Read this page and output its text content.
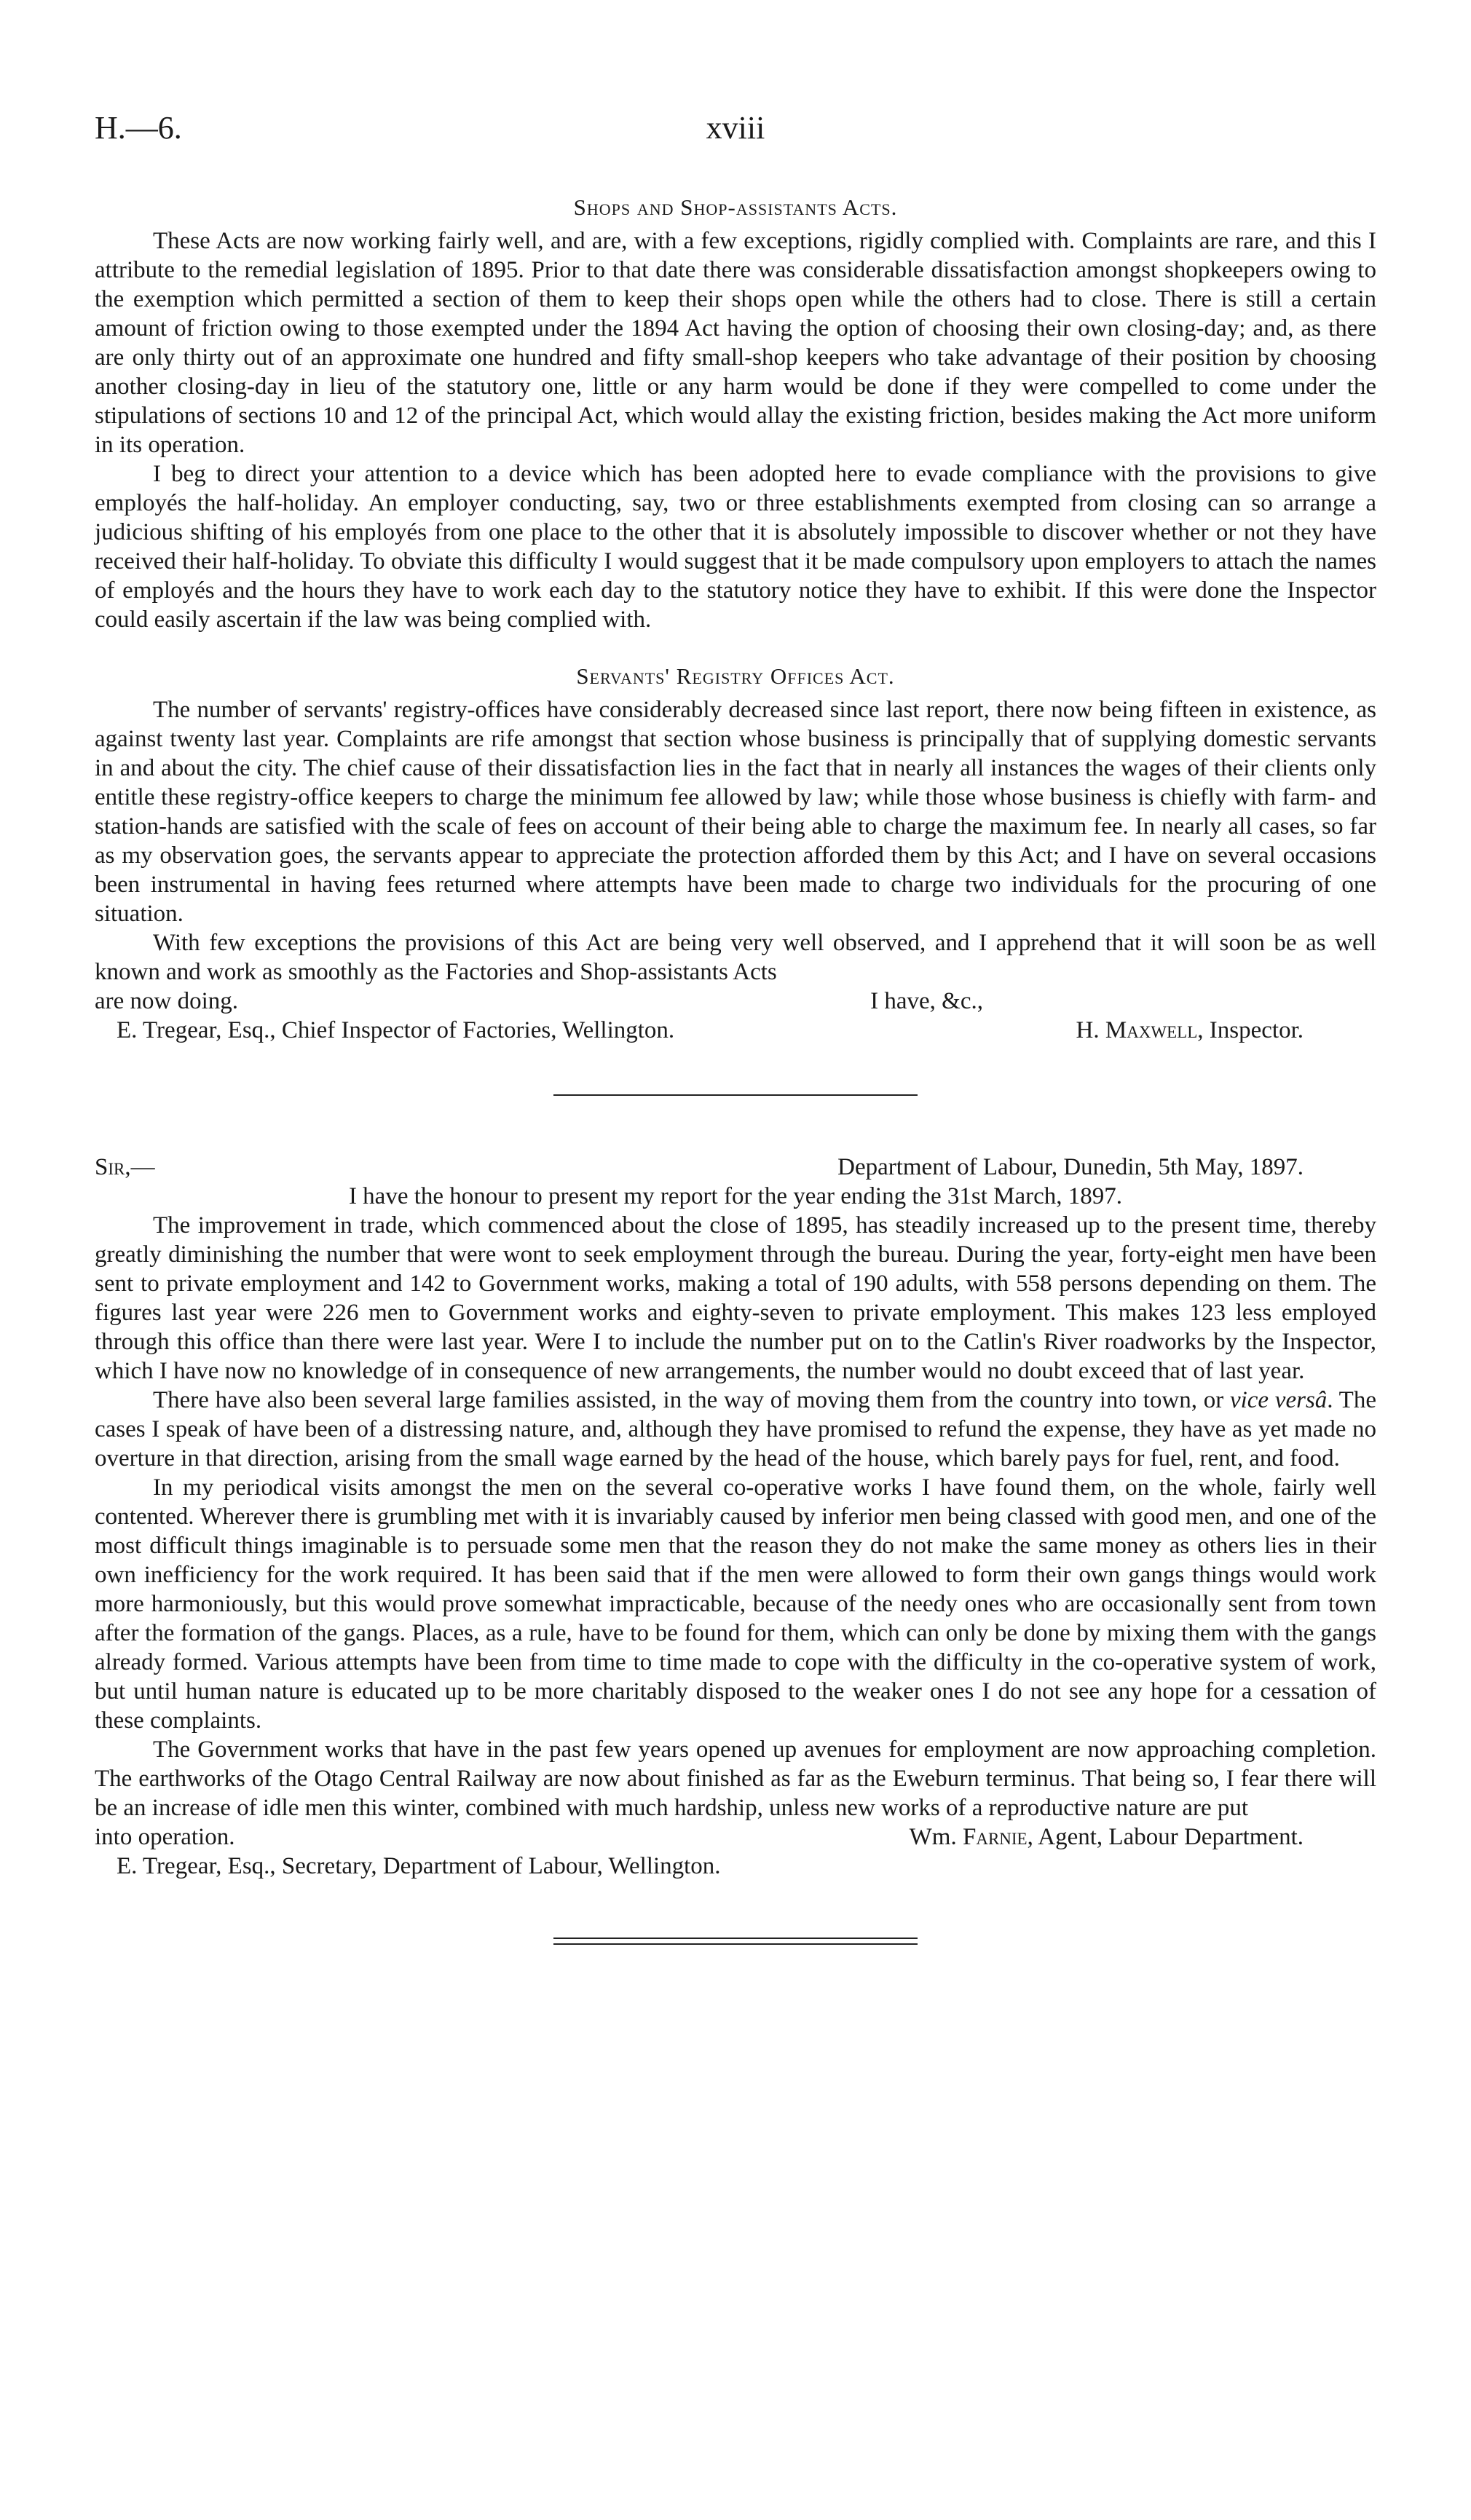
H.—6.	xviii
Shops and Shop-assistants Acts.

These Acts are now working fairly well, and are, with a few exceptions, rigidly complied with. Complaints are rare, and this I attribute to the remedial legislation of 1895. Prior to that date there was considerable dissatisfaction amongst shopkeepers owing to the exemption which permitted a section of them to keep their shops open while the others had to close. There is still a certain amount of friction owing to those exempted under the 1894 Act having the option of choosing their own closing-day; and, as there are only thirty out of an approximate one hundred and fifty small-shop keepers who take advantage of their position by choosing another closing-day in lieu of the statutory one, little or any harm would be done if they were compelled to come under the stipulations of sections 10 and 12 of the principal Act, which would allay the existing friction, besides making the Act more uniform in its operation.

I beg to direct your attention to a device which has been adopted here to evade compliance with the provisions to give employés the half-holiday. An employer conducting, say, two or three establishments exempted from closing can so arrange a judicious shifting of his employés from one place to the other that it is absolutely impossible to discover whether or not they have received their half-holiday. To obviate this difficulty I would suggest that it be made compulsory upon employers to attach the names of employés and the hours they have to work each day to the statutory notice they have to exhibit. If this were done the Inspector could easily ascertain if the law was being complied with.

Servants' Registry Offices Act.

The number of servants' registry-offices have considerably decreased since last report, there now being fifteen in existence, as against twenty last year. Complaints are rife amongst that section whose business is principally that of supplying domestic servants in and about the city. The chief cause of their dissatisfaction lies in the fact that in nearly all instances the wages of their clients only entitle these registry-office keepers to charge the minimum fee allowed by law; while those whose business is chiefly with farm- and station-hands are satisfied with the scale of fees on account of their being able to charge the maximum fee. In nearly all cases, so far as my observation goes, the servants appear to appreciate the protection afforded them by this Act; and I have on several occasions been instrumental in having fees returned where attempts have been made to charge two individuals for the procuring of one situation.

With few exceptions the provisions of this Act are being very well observed, and I apprehend that it will soon be as well known and work as smoothly as the Factories and Shop-assistants Acts

are now doing.	I have, &c.,
E. Tregear, Esq., Chief Inspector of Factories, Wellington.	H. Maxwell, Inspector.
Sir,—	Department of Labour, Dunedin, 5th May, 1897.
I have the honour to present my report for the year ending the 31st March, 1897.

The improvement in trade, which commenced about the close of 1895, has steadily increased up to the present time, thereby greatly diminishing the number that were wont to seek employment through the bureau. During the year, forty-eight men have been sent to private employment and 142 to Government works, making a total of 190 adults, with 558 persons depending on them. The figures last year were 226 men to Government works and eighty-seven to private employment. This makes 123 less employed through this office than there were last year. Were I to include the number put on to the Catlin's River roadworks by the Inspector, which I have now no knowledge of in consequence of new arrangements, the number would no doubt exceed that of last year.

There have also been several large families assisted, in the way of moving them from the country into town, or vice versâ. The cases I speak of have been of a distressing nature, and, although they have promised to refund the expense, they have as yet made no overture in that direction, arising from the small wage earned by the head of the house, which barely pays for fuel, rent, and food.

In my periodical visits amongst the men on the several co-operative works I have found them, on the whole, fairly well contented. Wherever there is grumbling met with it is invariably caused by inferior men being classed with good men, and one of the most difficult things imaginable is to persuade some men that the reason they do not make the same money as others lies in their own inefficiency for the work required. It has been said that if the men were allowed to form their own gangs things would work more harmoniously, but this would prove somewhat impracticable, because of the needy ones who are occasionally sent from town after the formation of the gangs. Places, as a rule, have to be found for them, which can only be done by mixing them with the gangs already formed. Various attempts have been from time to time made to cope with the difficulty in the co-operative system of work, but until human nature is educated up to be more charitably disposed to the weaker ones I do not see any hope for a cessation of these complaints.

The Government works that have in the past few years opened up avenues for employment are now approaching completion. The earthworks of the Otago Central Railway are now about finished as far as the Eweburn terminus. That being so, I fear there will be an increase of idle men this winter, combined with much hardship, unless new works of a reproductive nature are put

into operation.	Wm. Farnie, Agent, Labour Department.
E. Tregear, Esq., Secretary, Department of Labour, Wellington.
